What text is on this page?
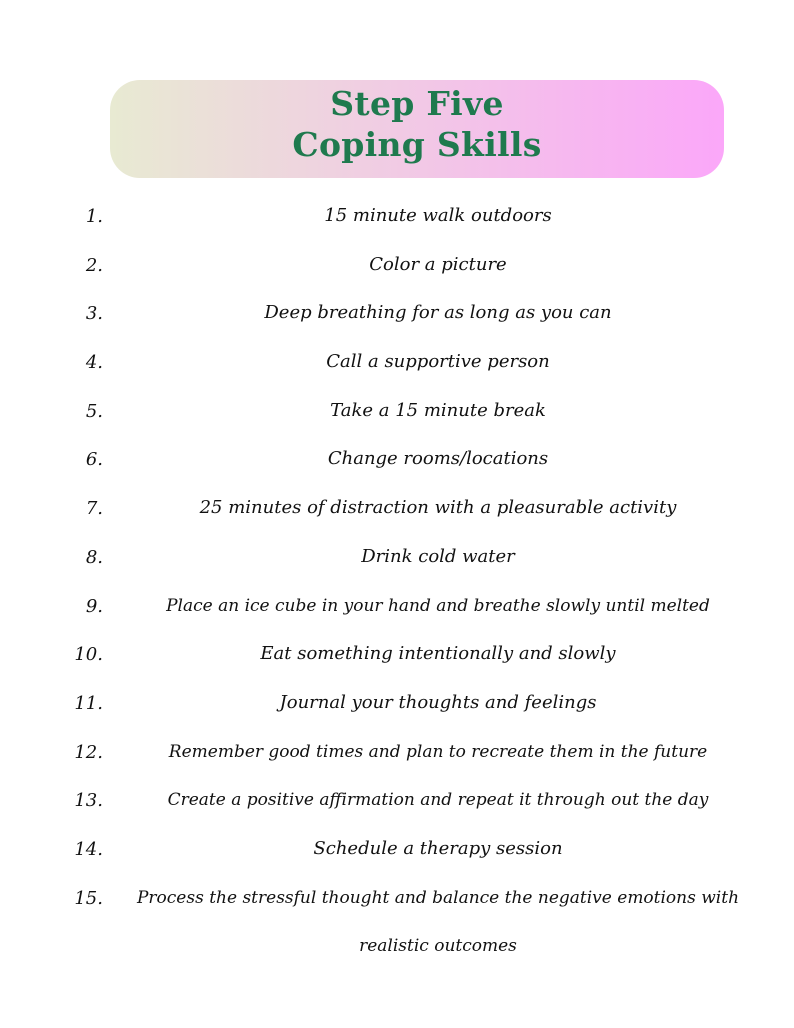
Step Five
Coping Skills
1.	15 minute walk outdoors
2.	Color a picture
3.	Deep breathing for as long as you can
4.	Call a supportive person
5.	Take a 15 minute break
6.	Change rooms/locations
7.	25 minutes of distraction with a pleasurable activity
8.	Drink cold water
9.	Place an ice cube in your hand and breathe slowly until melted
10.	Eat something intentionally and slowly
11.	Journal your thoughts and feelings
12.	Remember good times and plan to recreate them in the future
13.	Create a positive affirmation and repeat it through out the day
14.	Schedule a therapy session
15.	Process the stressful thought and balance the negative emotions with realistic outcomes
